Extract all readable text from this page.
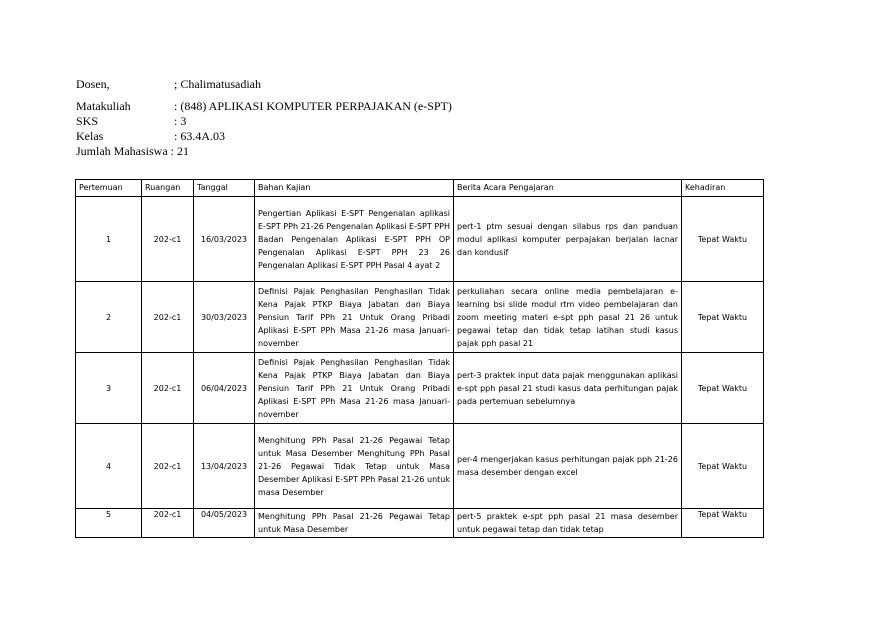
Dosen,	; Chalimatusadiah
Matakuliah	: (848) APLIKASI KOMPUTER PERPAJAKAN (e-SPT)
SKS	: 3
Kelas	: 63.4A.03
Jumlah Mahasiswa : 21
Pertemuan	Ruangan	Tanggal	Bahan Kajian	Berita Acara Pengajaran	Kehadiran
1	202-c1	16/03/2023	Pengertian Aplikasi E-SPT Pengenalan aplikasi E-SPT PPh 21-26 Pengenalan Aplikasi E-SPT PPH Badan Pengenalan Aplikasi E-SPT PPH OP Pengenalan Aplikasi E-SPT PPH 23 26 Pengenalan Aplikasi E-SPT PPH Pasal 4 ayat 2	pert-1 ptm sesuai dengan silabus rps dan panduan modul aplikasi komputer perpajakan berjalan lacnar dan kondusif	Tepat Waktu
2	202-c1	30/03/2023	Definisi Pajak Penghasilan Penghasilan Tidak Kena Pajak PTKP Biaya Jabatan dan Biaya Pensiun Tarif PPh 21 Untuk Orang Pribadi Aplikasi E-SPT PPh Masa 21-26 masa Januari-november	perkuliahan secara online media pembelajaran e-learning bsi slide modul rtm video pembelajaran dan zoom meeting materi e-spt pph pasal 21 26 untuk pegawai tetap dan tidak tetap latihan studi kasus pajak pph pasal 21	Tepat Waktu
3	202-c1	06/04/2023	Definisi Pajak Penghasilan Penghasilan Tidak Kena Pajak PTKP Biaya Jabatan dan Biaya Pensiun Tarif PPh 21 Untuk Orang Pribadi Aplikasi E-SPT PPh Masa 21-26 masa Januari-november	pert-3 praktek input data pajak menggunakan aplikasi e-spt pph pasal 21 studi kasus data perhitungan pajak pada pertemuan sebelumnya	Tepat Waktu
4	202-c1	13/04/2023	Menghitung PPh Pasal 21-26 Pegawai Tetap untuk Masa Desember Menghitung PPh Pasal 21-26 Pegawai Tidak Tetap untuk Masa Desember Aplikasi E-SPT PPh Pasal 21-26 untuk masa Desember	per-4 mengerjakan kasus perhitungan pajak pph 21-26 masa desember dengan excel	Tepat Waktu
5	202-c1	04/05/2023	Menghitung PPh Pasal 21-26 Pegawai Tetap untuk Masa Desember	pert-5 praktek e-spt pph pasal 21 masa desember untuk pegawai tetap dan tidak tetap	Tepat Waktu
